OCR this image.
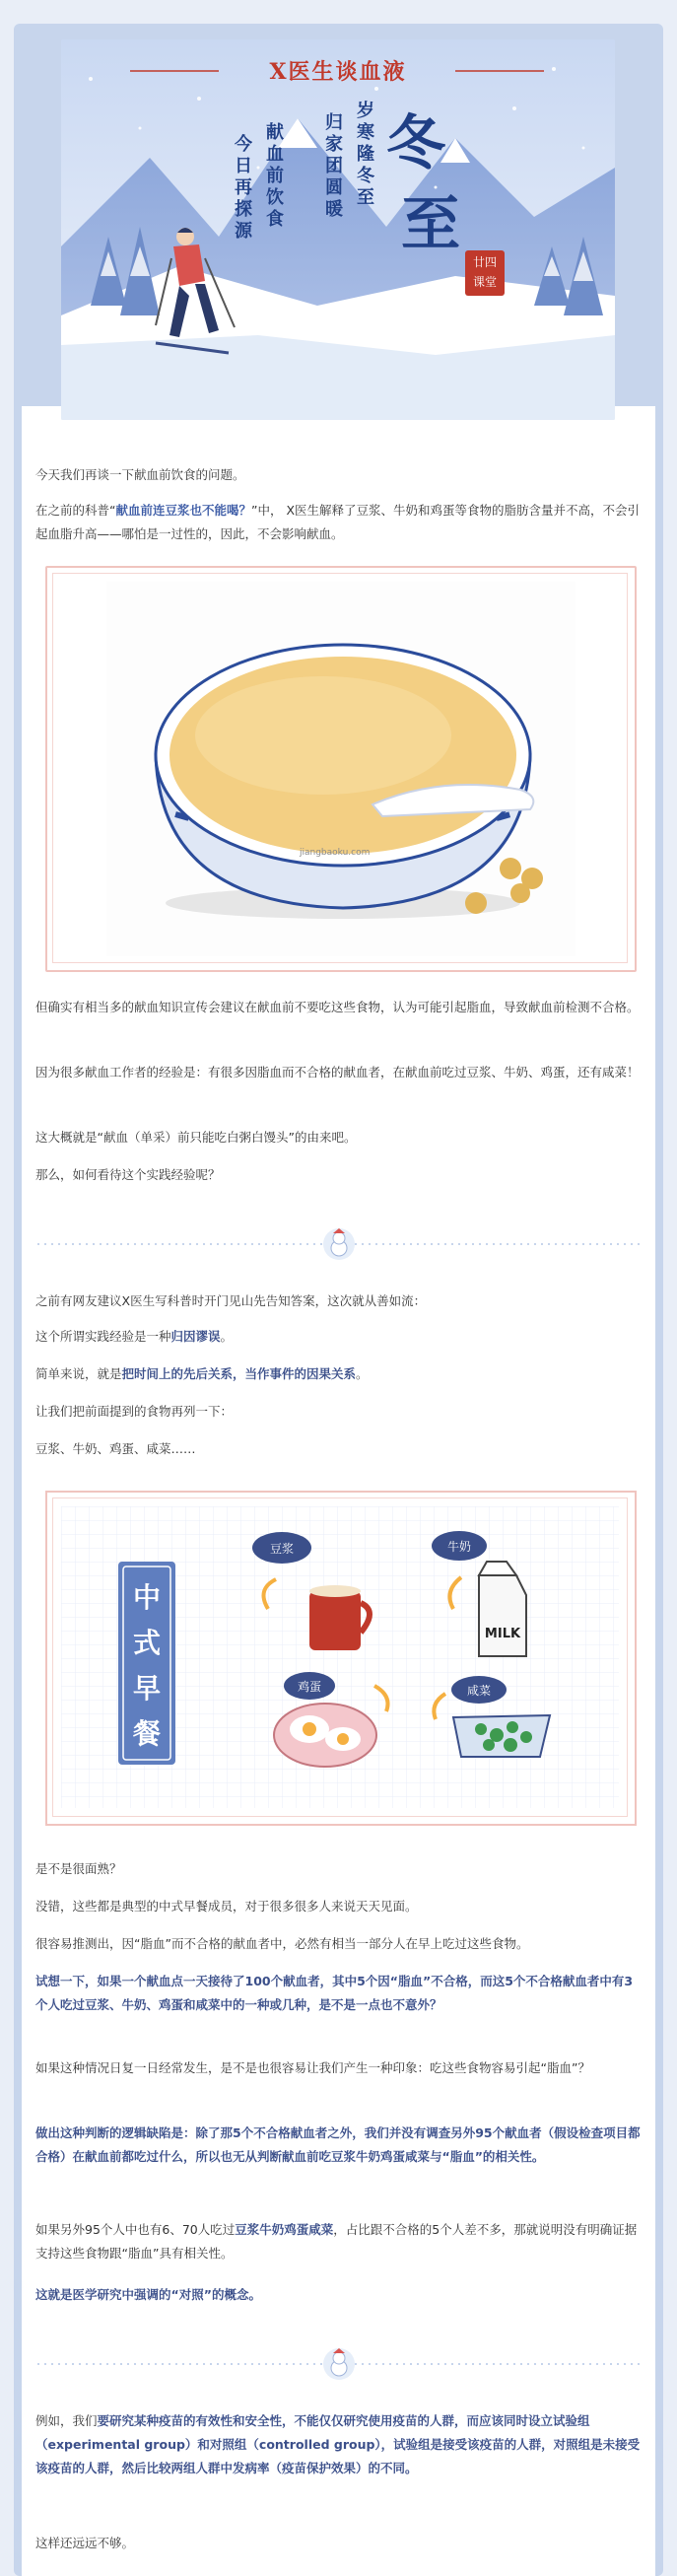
X医生谈血液
冬
至
岁寒隆冬至
归家团圆暖
献血前饮食
今日再探源
廿四
课堂
今天我们再谈一下献血前饮食的问题。
在之前的科普“献血前连豆浆也不能喝？”中， X医生解释了豆浆、牛奶和鸡蛋等食物的脂肪含量并不高，不会引起血脂升高——哪怕是一过性的，因此，不会影响献血。
jiangbaoku.com
但确实有相当多的献血知识宣传会建议在献血前不要吃这些食物，认为可能引起脂血，导致献血前检测不合格。
因为很多献血工作者的经验是：有很多因脂血而不合格的献血者，在献血前吃过豆浆、牛奶、鸡蛋，还有咸菜！
这大概就是“献血（单采）前只能吃白粥白馒头”的由来吧。
那么，如何看待这个实践经验呢？
之前有网友建议X医生写科普时开门见山先告知答案，这次就从善如流：
这个所谓实践经验是一种归因谬误。
简单来说，就是把时间上的先后关系，当作事件的因果关系。
让我们把前面提到的食物再列一下：
豆浆、牛奶、鸡蛋、咸菜……
中
式
早
餐
豆浆	牛奶
MILK
鸡蛋	咸菜
是不是很面熟？
没错，这些都是典型的中式早餐成员，对于很多很多人来说天天见面。
很容易推测出，因“脂血”而不合格的献血者中，必然有相当一部分人在早上吃过这些食物。
试想一下，如果一个献血点一天接待了100个献血者，其中5个因“脂血”不合格，而这5个不合格献血者中有3个人吃过豆浆、牛奶、鸡蛋和咸菜中的一种或几种，是不是一点也不意外？
如果这种情况日复一日经常发生，是不是也很容易让我们产生一种印象：吃这些食物容易引起“脂血”？
做出这种判断的逻辑缺陷是：除了那5个不合格献血者之外，我们并没有调查另外95个献血者（假设检查项目都合格）在献血前都吃过什么，所以也无从判断献血前吃豆浆牛奶鸡蛋咸菜与“脂血”的相关性。
如果另外95个人中也有6、70人吃过豆浆牛奶鸡蛋咸菜，占比跟不合格的5个人差不多，那就说明没有明确证据支持这些食物跟“脂血”具有相关性。
这就是医学研究中强调的“对照”的概念。
例如，我们要研究某种疫苗的有效性和安全性，不能仅仅研究使用疫苗的人群，而应该同时设立试验组（experimental group）和对照组（controlled group），试验组是接受该疫苗的人群，对照组是未接受该疫苗的人群，然后比较两组人群中发病率（疫苗保护效果）的不同。
这样还远远不够。
